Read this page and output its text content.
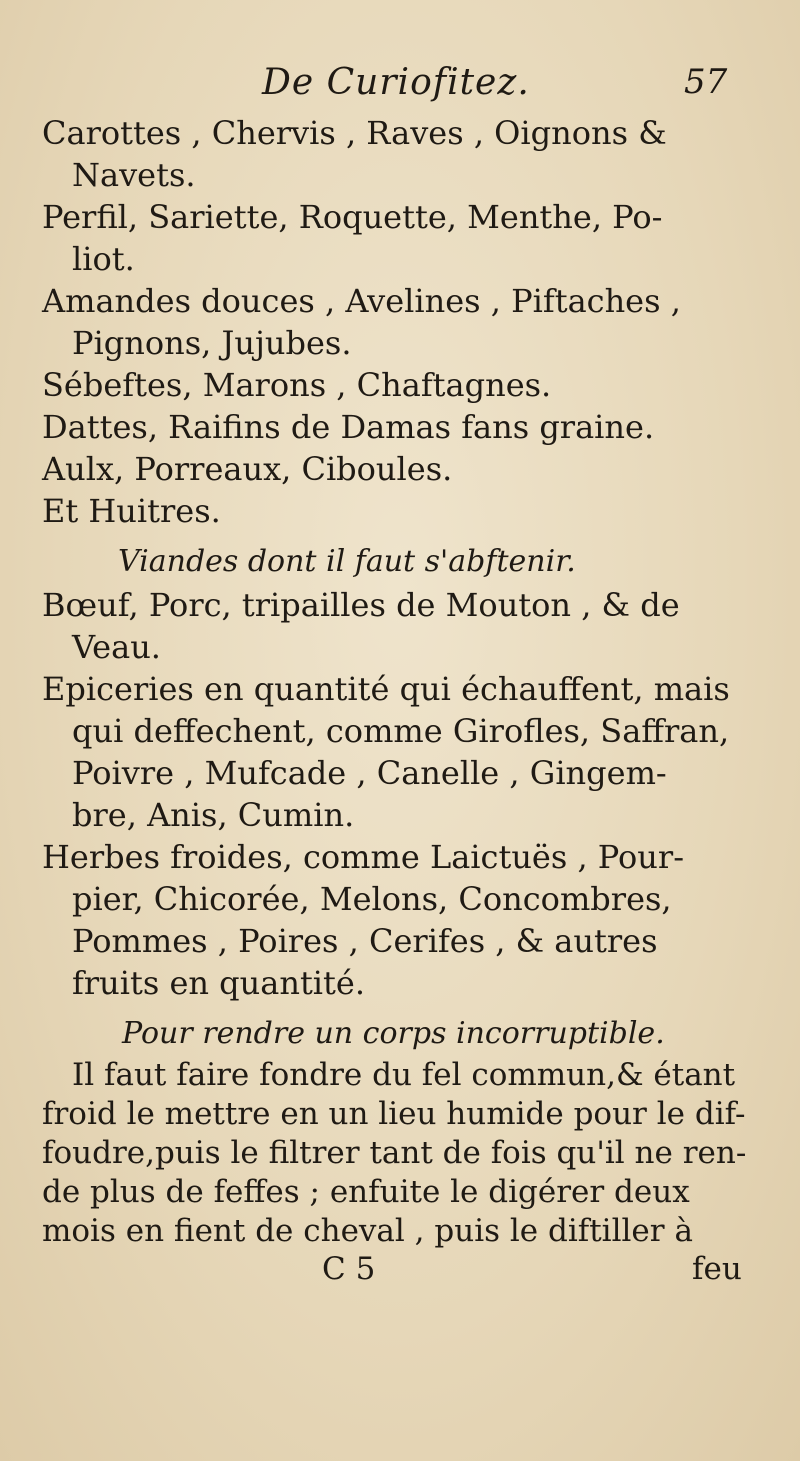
De Curiofitez.	57
Carottes , Chervis , Raves , Oignons &
Navets.
Perfil, Sariette, Roquette, Menthe, Po-
liot.
Amandes douces , Avelines , Piftaches ,
Pignons, Jujubes.
Sébeftes, Marons , Chaftagnes.
Dattes, Raifins de Damas fans graine.
Aulx, Porreaux, Ciboules.
Et Huitres.
Viandes dont il faut s'abftenir.
Bœuf, Porc, tripailles de Mouton , & de
Veau.
Epiceries en quantité qui échauffent, mais
qui deffechent, comme Girofles, Saffran,
Poivre , Mufcade , Canelle , Gingem-
bre, Anis, Cumin.
Herbes froides, comme Laictuës , Pour-
pier, Chicorée, Melons, Concombres,
Pommes , Poires , Cerifes , & autres
fruits en quantité.
Pour rendre un corps incorruptible.
Il faut faire fondre du fel commun,& étant
froid le mettre en un lieu humide pour le dif-
foudre,puis le filtrer tant de fois qu'il ne ren-
de plus de feffes ; enfuite le digérer deux
mois en fient de cheval , puis le diftiller à
C 5	feu
